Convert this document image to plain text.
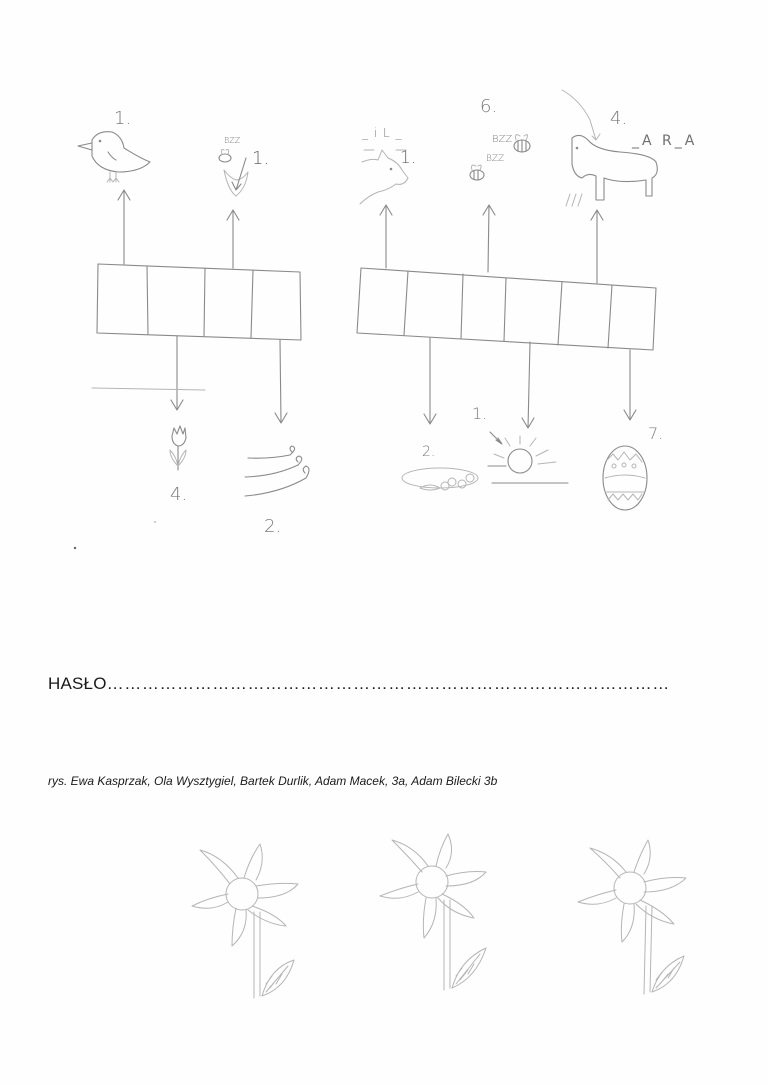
1.
1.
BZZ
_ i L _
1.
6.
BZZ
BZZ
4.
_A R_A
4.
2.
2.
1.
7.
HASŁO……………………………………………………………………………………
rys. Ewa Kasprzak, Ola Wysztygiel, Bartek Durlik, Adam Macek, 3a, Adam Bilecki 3b
